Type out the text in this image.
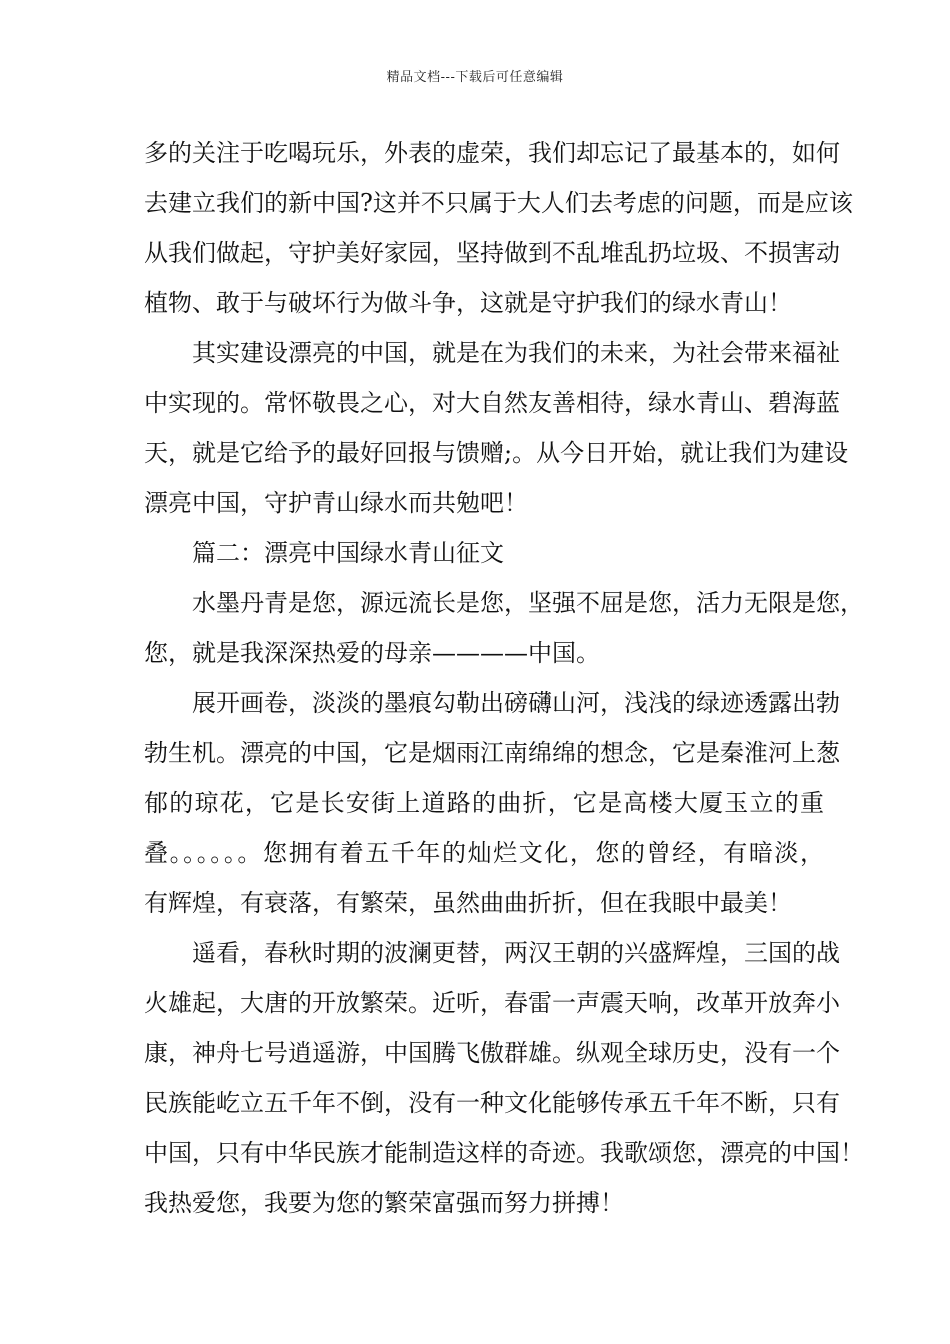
精品文档---下载后可任意编辑
多的关注于吃喝玩乐，外表的虚荣，我们却忘记了最基本的，如何
去建立我们的新中国?这并不只属于大人们去考虑的问题，而是应该
从我们做起，守护美好家园，坚持做到不乱堆乱扔垃圾、不损害动
植物、敢于与破坏行为做斗争，这就是守护我们的绿水青山！
其实建设漂亮的中国，就是在为我们的未来，为社会带来福祉
中实现的。常怀敬畏之心，对大自然友善相待，绿水青山、碧海蓝
天，就是它给予的最好回报与馈赠;。从今日开始，就让我们为建设
漂亮中国，守护青山绿水而共勉吧！
篇二：漂亮中国绿水青山征文
水墨丹青是您，源远流长是您，坚强不屈是您，活力无限是您，
您，就是我深深热爱的母亲————中国。
展开画卷，淡淡的墨痕勾勒出磅礴山河，浅浅的绿迹透露出勃
勃生机。漂亮的中国，它是烟雨江南绵绵的想念，它是秦淮河上葱
郁的琼花，它是长安街上道路的曲折，它是高楼大厦玉立的重
叠。。。。。。您拥有着五千年的灿烂文化，您的曾经，有暗淡，
有辉煌，有衰落，有繁荣，虽然曲曲折折，但在我眼中最美！
遥看，春秋时期的波澜更替，两汉王朝的兴盛辉煌，三国的战
火雄起，大唐的开放繁荣。近听，春雷一声震天响，改革开放奔小
康，神舟七号逍遥游，中国腾飞傲群雄。纵观全球历史，没有一个
民族能屹立五千年不倒，没有一种文化能够传承五千年不断，只有
中国，只有中华民族才能制造这样的奇迹。我歌颂您，漂亮的中国！
我热爱您，我要为您的繁荣富强而努力拼搏！
